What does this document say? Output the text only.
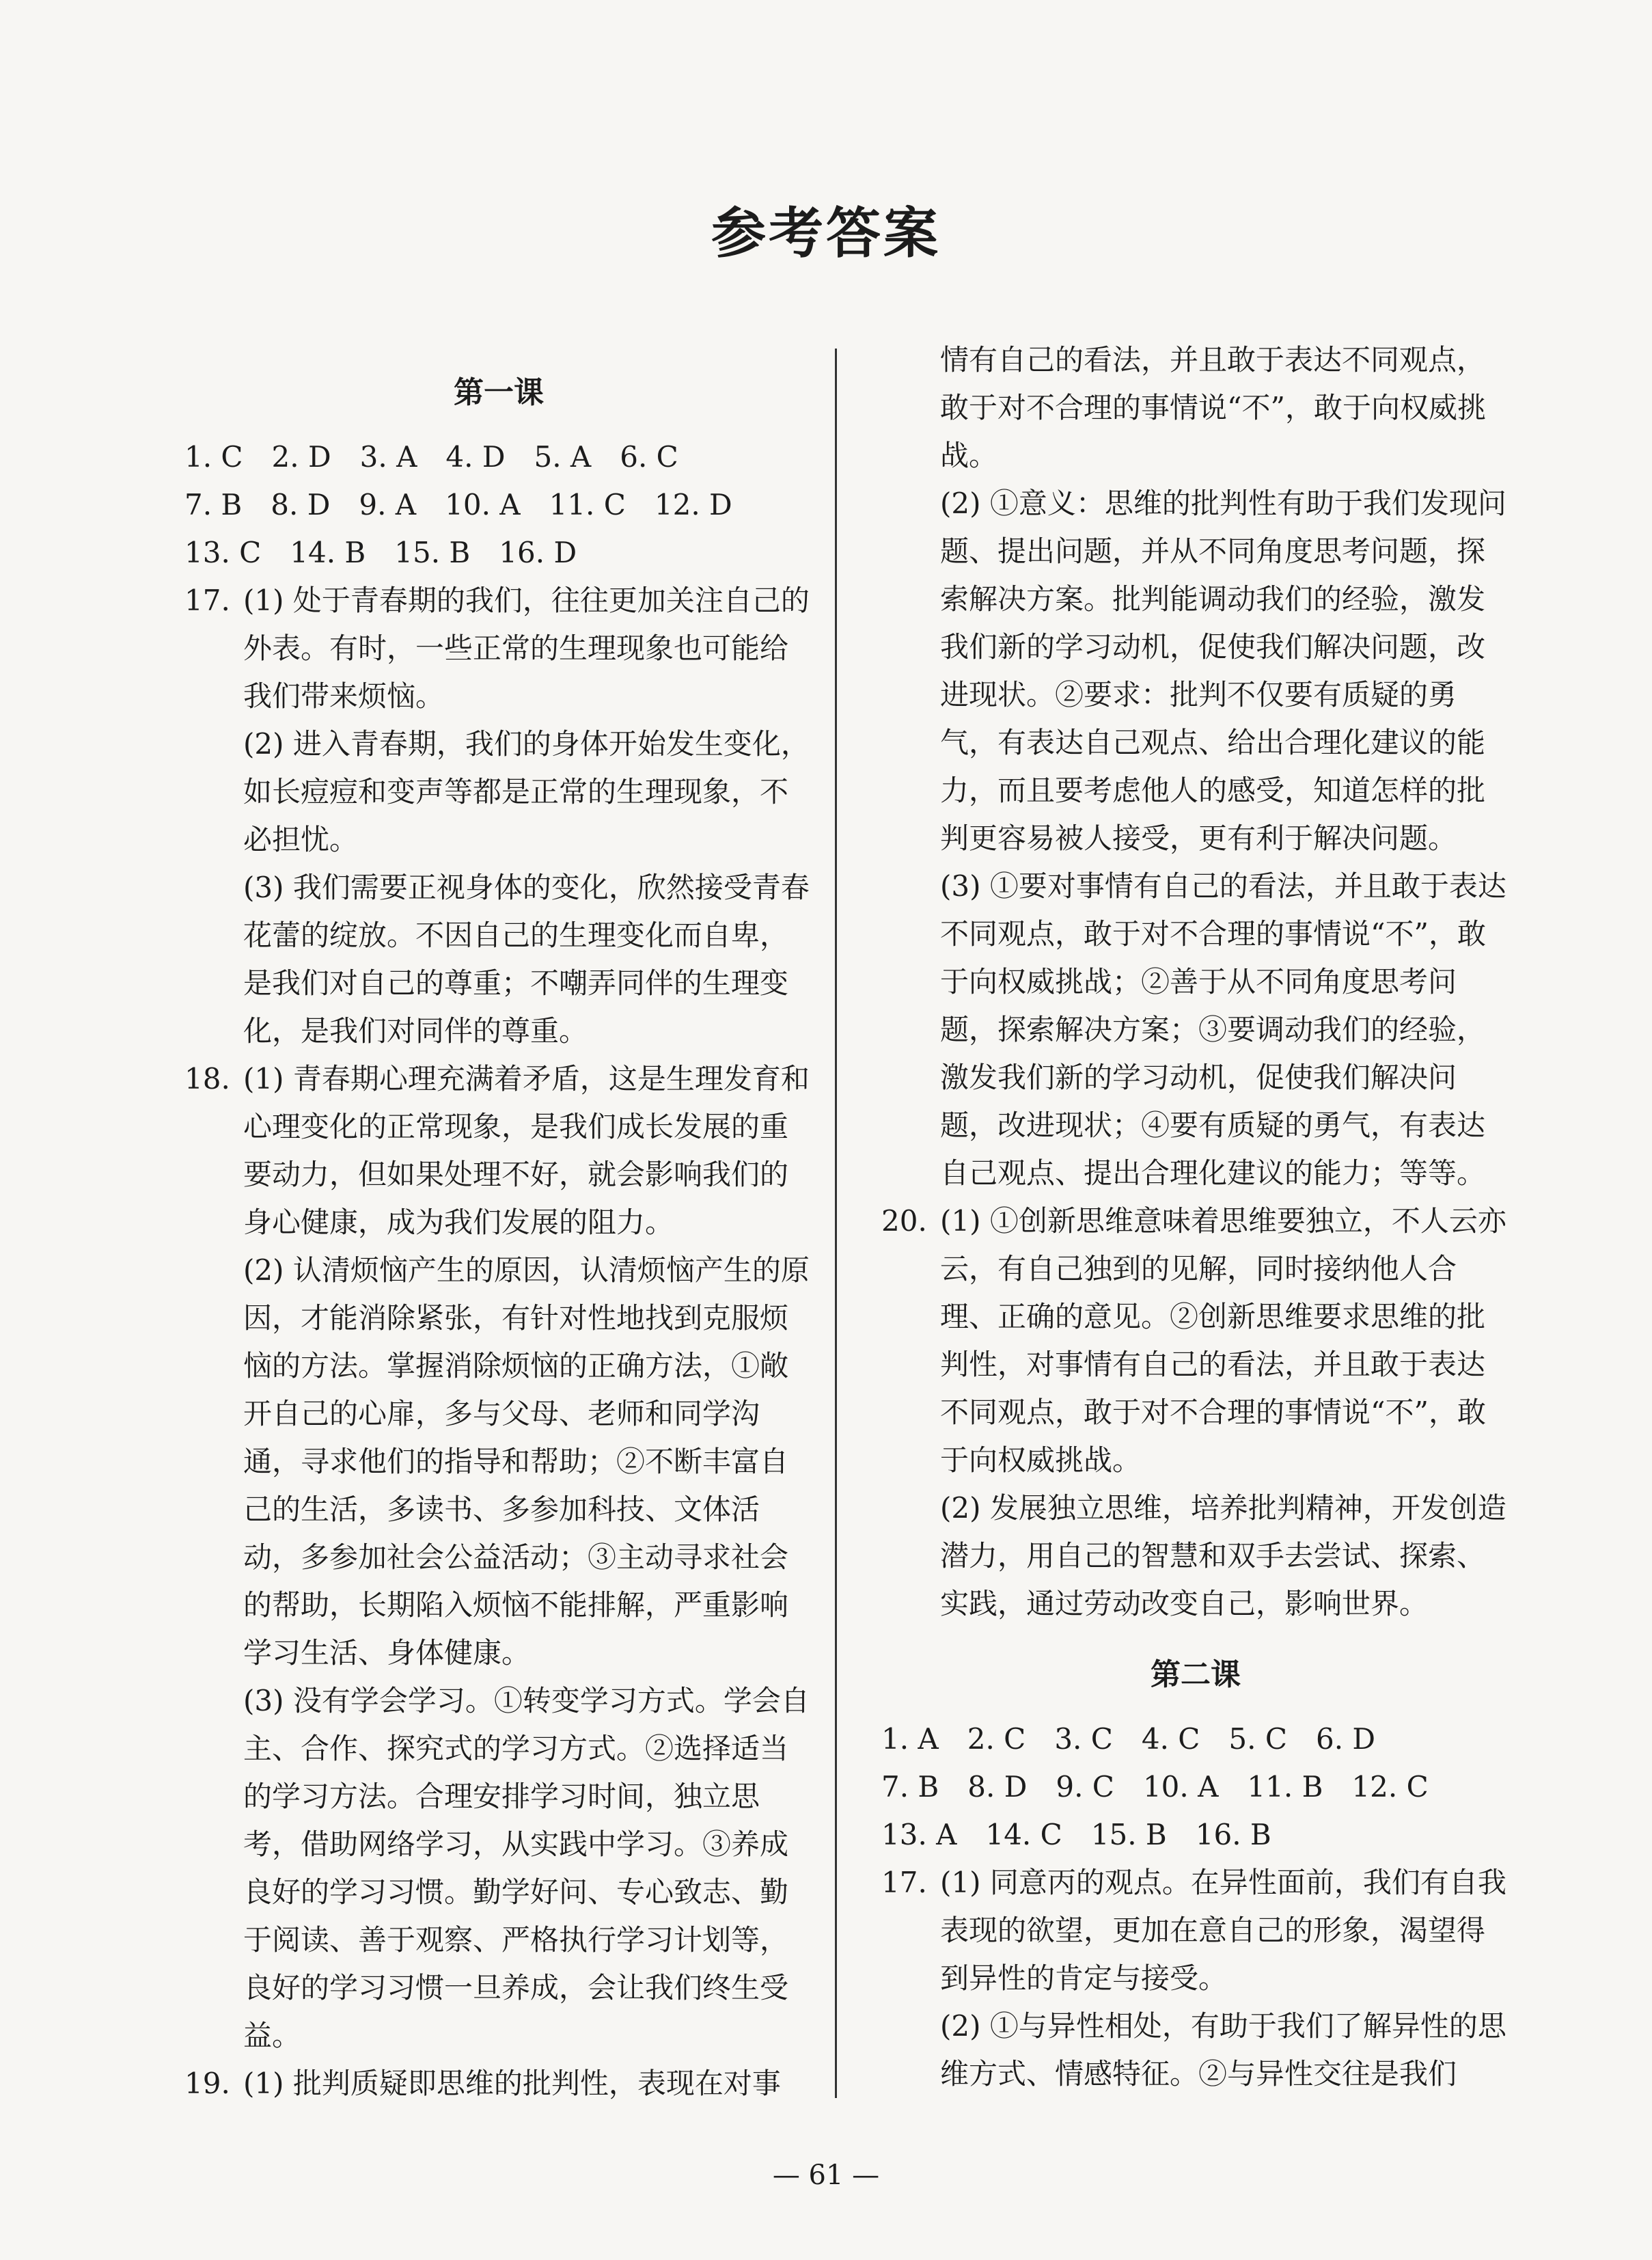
参考答案
第一课
1. C　2. D　3. A　4. D　5. A　6. C
7. B　8. D　9. A　10. A　11. C　12. D
13. C　14. B　15. B　16. D
17. (1) 处于青春期的我们，往往更加关注自己的外表。有时，一些正常的生理现象也可能给我们带来烦恼。
(2) 进入青春期，我们的身体开始发生变化，如长痘痘和变声等都是正常的生理现象，不必担忧。
(3) 我们需要正视身体的变化，欣然接受青春花蕾的绽放。不因自己的生理变化而自卑，是我们对自己的尊重；不嘲弄同伴的生理变化，是我们对同伴的尊重。
18. (1) 青春期心理充满着矛盾，这是生理发育和心理变化的正常现象，是我们成长发展的重要动力，但如果处理不好，就会影响我们的身心健康，成为我们发展的阻力。
(2) 认清烦恼产生的原因，认清烦恼产生的原因，才能消除紧张，有针对性地找到克服烦恼的方法。掌握消除烦恼的正确方法，①敞开自己的心扉，多与父母、老师和同学沟通，寻求他们的指导和帮助；②不断丰富自己的生活，多读书、多参加科技、文体活动，多参加社会公益活动；③主动寻求社会的帮助，长期陷入烦恼不能排解，严重影响学习生活、身体健康。
(3) 没有学会学习。①转变学习方式。学会自主、合作、探究式的学习方式。②选择适当的学习方法。合理安排学习时间，独立思考，借助网络学习，从实践中学习。③养成良好的学习习惯。勤学好问、专心致志、勤于阅读、善于观察、严格执行学习计划等，良好的学习习惯一旦养成，会让我们终生受益。
19. (1) 批判质疑即思维的批判性，表现在对事
情有自己的看法，并且敢于表达不同观点，敢于对不合理的事情说“不”，敢于向权威挑战。
(2) ①意义：思维的批判性有助于我们发现问题、提出问题，并从不同角度思考问题，探索解决方案。批判能调动我们的经验，激发我们新的学习动机，促使我们解决问题，改进现状。②要求：批判不仅要有质疑的勇气，有表达自己观点、给出合理化建议的能力，而且要考虑他人的感受，知道怎样的批判更容易被人接受，更有利于解决问题。
(3) ①要对事情有自己的看法，并且敢于表达不同观点，敢于对不合理的事情说“不”，敢于向权威挑战；②善于从不同角度思考问题，探索解决方案；③要调动我们的经验，激发我们新的学习动机，促使我们解决问题，改进现状；④要有质疑的勇气，有表达自己观点、提出合理化建议的能力；等等。
20. (1) ①创新思维意味着思维要独立，不人云亦云，有自己独到的见解，同时接纳他人合理、正确的意见。②创新思维要求思维的批判性，对事情有自己的看法，并且敢于表达不同观点，敢于对不合理的事情说“不”，敢于向权威挑战。
(2) 发展独立思维，培养批判精神，开发创造潜力，用自己的智慧和双手去尝试、探索、实践，通过劳动改变自己，影响世界。
第二课
1. A　2. C　3. C　4. C　5. C　6. D
7. B　8. D　9. C　10. A　11. B　12. C
13. A　14. C　15. B　16. B
17. (1) 同意丙的观点。在异性面前，我们有自我表现的欲望，更加在意自己的形象，渴望得到异性的肯定与接受。
(2) ①与异性相处，有助于我们了解异性的思维方式、情感特征。②与异性交往是我们
— 61 —
